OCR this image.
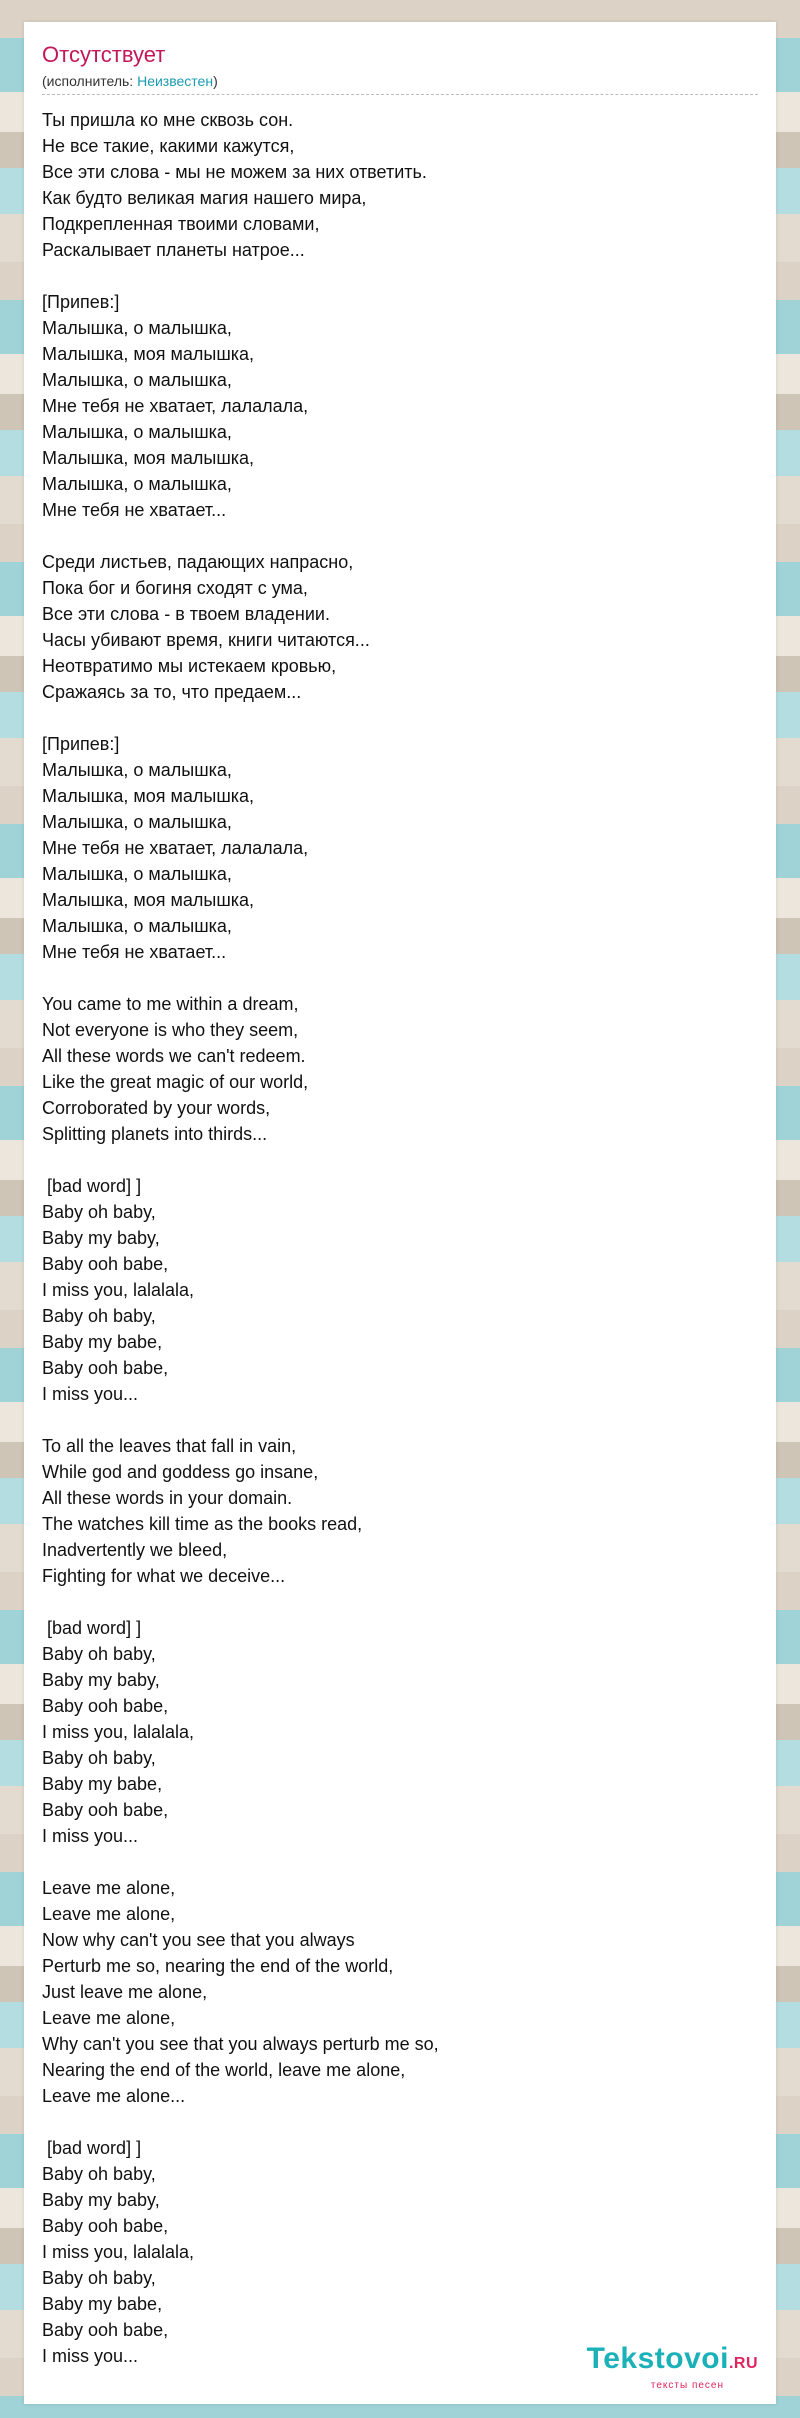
Отсутствует
(исполнитель: Неизвестен)
Ты пришла ко мне сквозь сон.
Не все такие, какими кажутся,
Все эти слова - мы не можем за них ответить.
Как будто великая магия нашего мира,
Подкрепленная твоими словами,
Раскалывает планеты натрое...

[Припев:]
Малышка, о малышка,
Малышка, моя малышка,
Малышка, о малышка,
Мне тебя не хватает, лалалала,
Малышка, о малышка,
Малышка, моя малышка,
Малышка, о малышка,
Мне тебя не хватает...

Среди листьев, падающих напрасно,
Пока бог и богиня сходят с ума,
Все эти слова - в твоем владении.
Часы убивают время, книги читаются...
Неотвратимо мы истекаем кровью,
Сражаясь за то, что предаем...

[Припев:]
Малышка, о малышка,
Малышка, моя малышка,
Малышка, о малышка,
Мне тебя не хватает, лалалала,
Малышка, о малышка,
Малышка, моя малышка,
Малышка, о малышка,
Мне тебя не хватает...

You came to me within a dream,
Not everyone is who they seem,
All these words we can't redeem.
Like the great magic of our world,
Corroborated by your words,
Splitting planets into thirds...

[bad word] ]
Baby oh baby,
Baby my baby,
Baby ooh babe,
I miss you, lalalala,
Baby oh baby,
Baby my babe,
Baby ooh babe,
I miss you...

To all the leaves that fall in vain,
While god and goddess go insane,
All these words in your domain.
The watches kill time as the books read,
Inadvertently we bleed,
Fighting for what we deceive...

[bad word] ]
Baby oh baby,
Baby my baby,
Baby ooh babe,
I miss you, lalalala,
Baby oh baby,
Baby my babe,
Baby ooh babe,
I miss you...

Leave me alone,
Leave me alone,
Now why can't you see that you always
Perturb me so, nearing the end of the world,
Just leave me alone,
Leave me alone,
Why can't you see that you always perturb me so,
Nearing the end of the world, leave me alone,
Leave me alone...

[bad word] ]
Baby oh baby,
Baby my baby,
Baby ooh babe,
I miss you, lalalala,
Baby oh baby,
Baby my babe,
Baby ooh babe,
I miss you...	Tekstovoi.RU
тексты песен
